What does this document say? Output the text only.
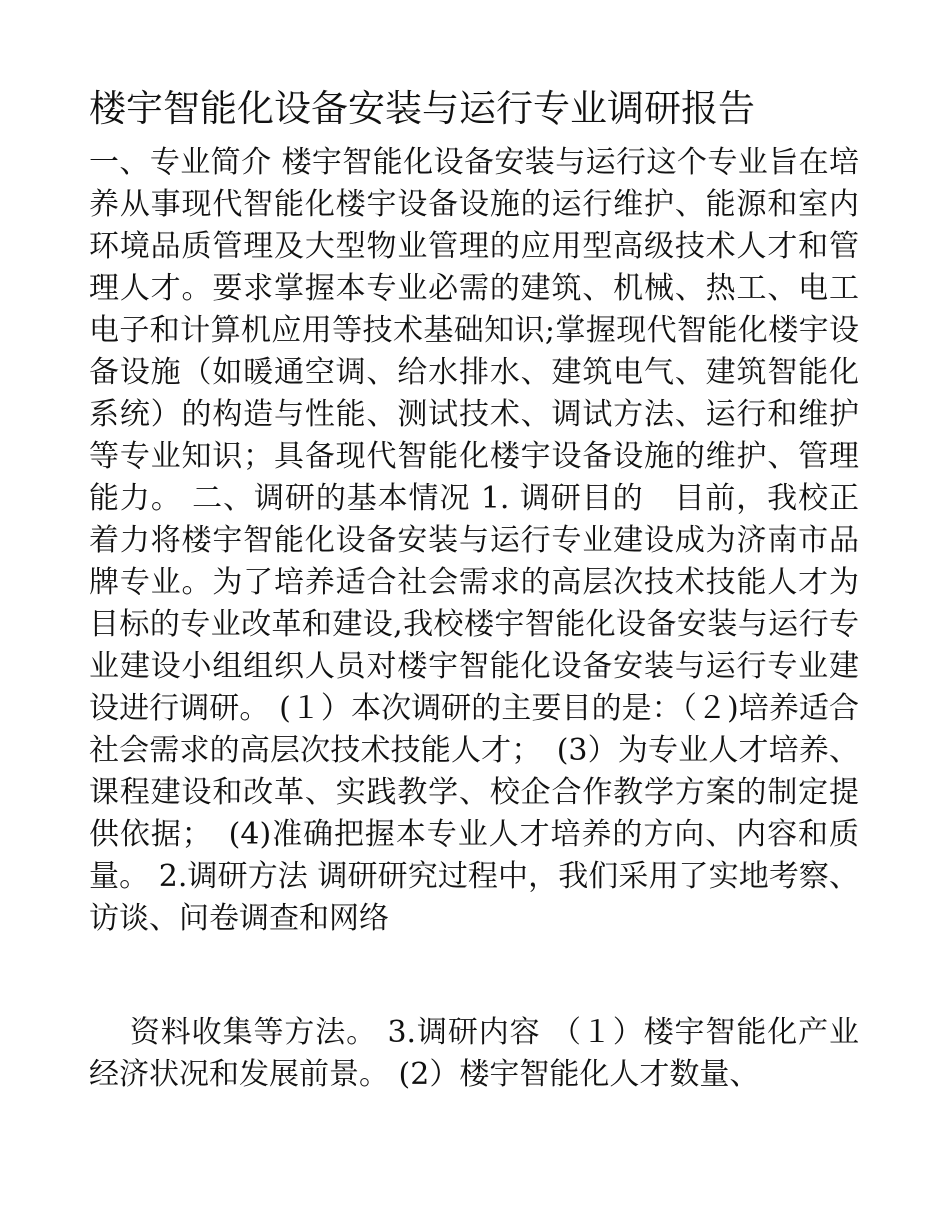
楼宇智能化设备安装与运行专业调研报告
一、专业简介 楼宇智能化设备安装与运行这个专业旨在培养从事现代智能化楼宇设备设施的运行维护、能源和室内环境品质管理及大型物业管理的应用型高级技术人才和管理人才。要求掌握本专业必需的建筑、机械、热工、电工电子和计算机应用等技术基础知识;掌握现代智能化楼宇设备设施（如暖通空调、给水排水、建筑电气、建筑智能化系统）的构造与性能、测试技术、调试方法、运行和维护等专业知识；具备现代智能化楼宇设备设施的维护、管理能力。 二、调研的基本情况 1. 调研目的　目前，我校正着力将楼宇智能化设备安装与运行专业建设成为济南市品牌专业。为了培养适合社会需求的高层次技术技能人才为目标的专业改革和建设,我校楼宇智能化设备安装与运行专业建设小组组织人员对楼宇智能化设备安装与运行专业建设进行调研。 (１）本次调研的主要目的是：（２)培养适合社会需求的高层次技术技能人才；　(3）为专业人才培养、课程建设和改革、实践教学、校企合作教学方案的制定提供依据；　(4)准确把握本专业人才培养的方向、内容和质量。 2.调研方法 调研研究过程中，我们采用了实地考察、访谈、问卷调查和网络
资料收集等方法。 3.调研内容 （１）楼宇智能化产业经济状况和发展前景。 (2）楼宇智能化人才数量、
